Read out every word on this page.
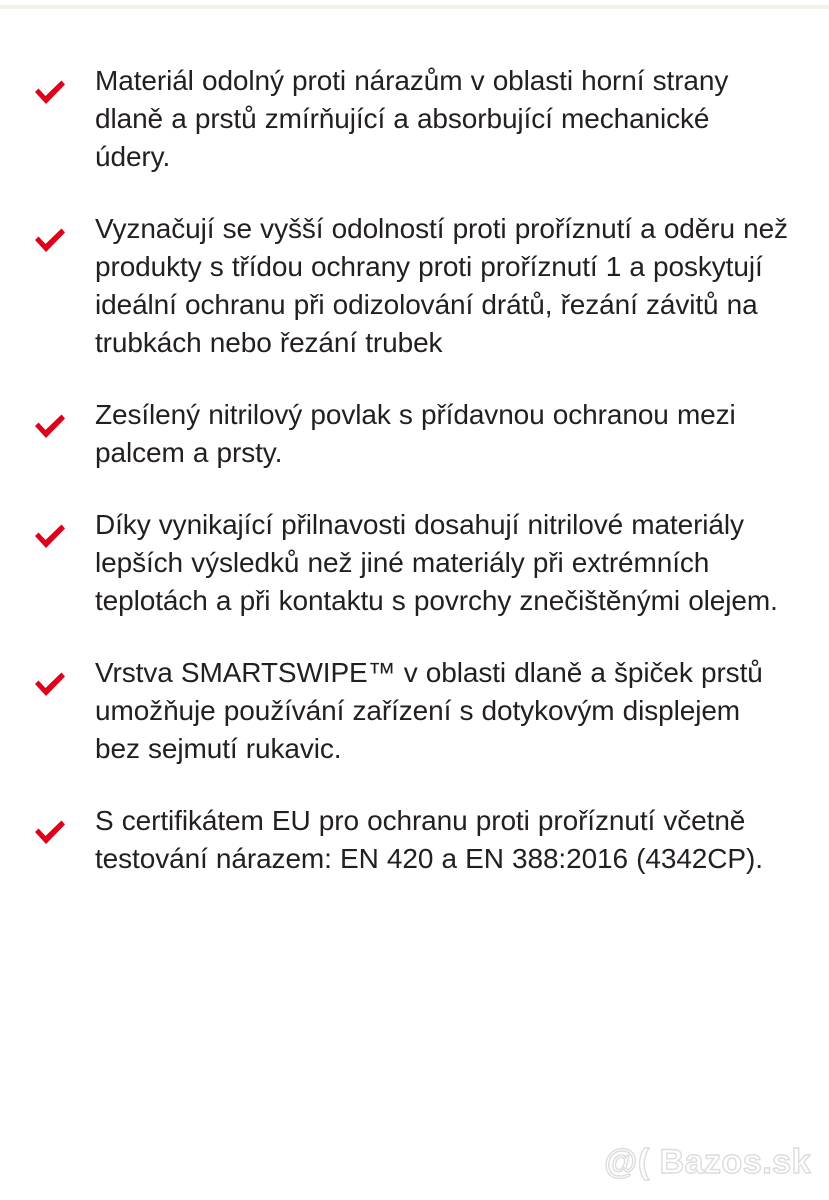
Materiál odolný proti nárazům v oblasti horní strany dlaně a prstů zmírňující a absorbující mechanické údery.
Vyznačují se vyšší odolností proti proříznutí a oděru než produkty s třídou ochrany proti proříznutí 1 a poskytují ideální ochranu při odizolování drátů, řezání závitů na trubkách nebo řezání trubek
Zesílený nitrilový povlak s přídavnou ochranou mezi palcem a prsty.
Díky vynikající přilnavosti dosahují nitrilové materiály lepších výsledků než jiné materiály při extrémních teplotách a při kontaktu s povrchy znečištěnými olejem.
Vrstva SMARTSWIPE™ v oblasti dlaně a špiček prstů umožňuje používání zařízení s dotykovým displejem bez sejmutí rukavic.
S certifikátem EU pro ochranu proti proříznutí včetně testování nárazem: EN 420 a EN 388:2016 (4342CP).
@( Bazos.sk
